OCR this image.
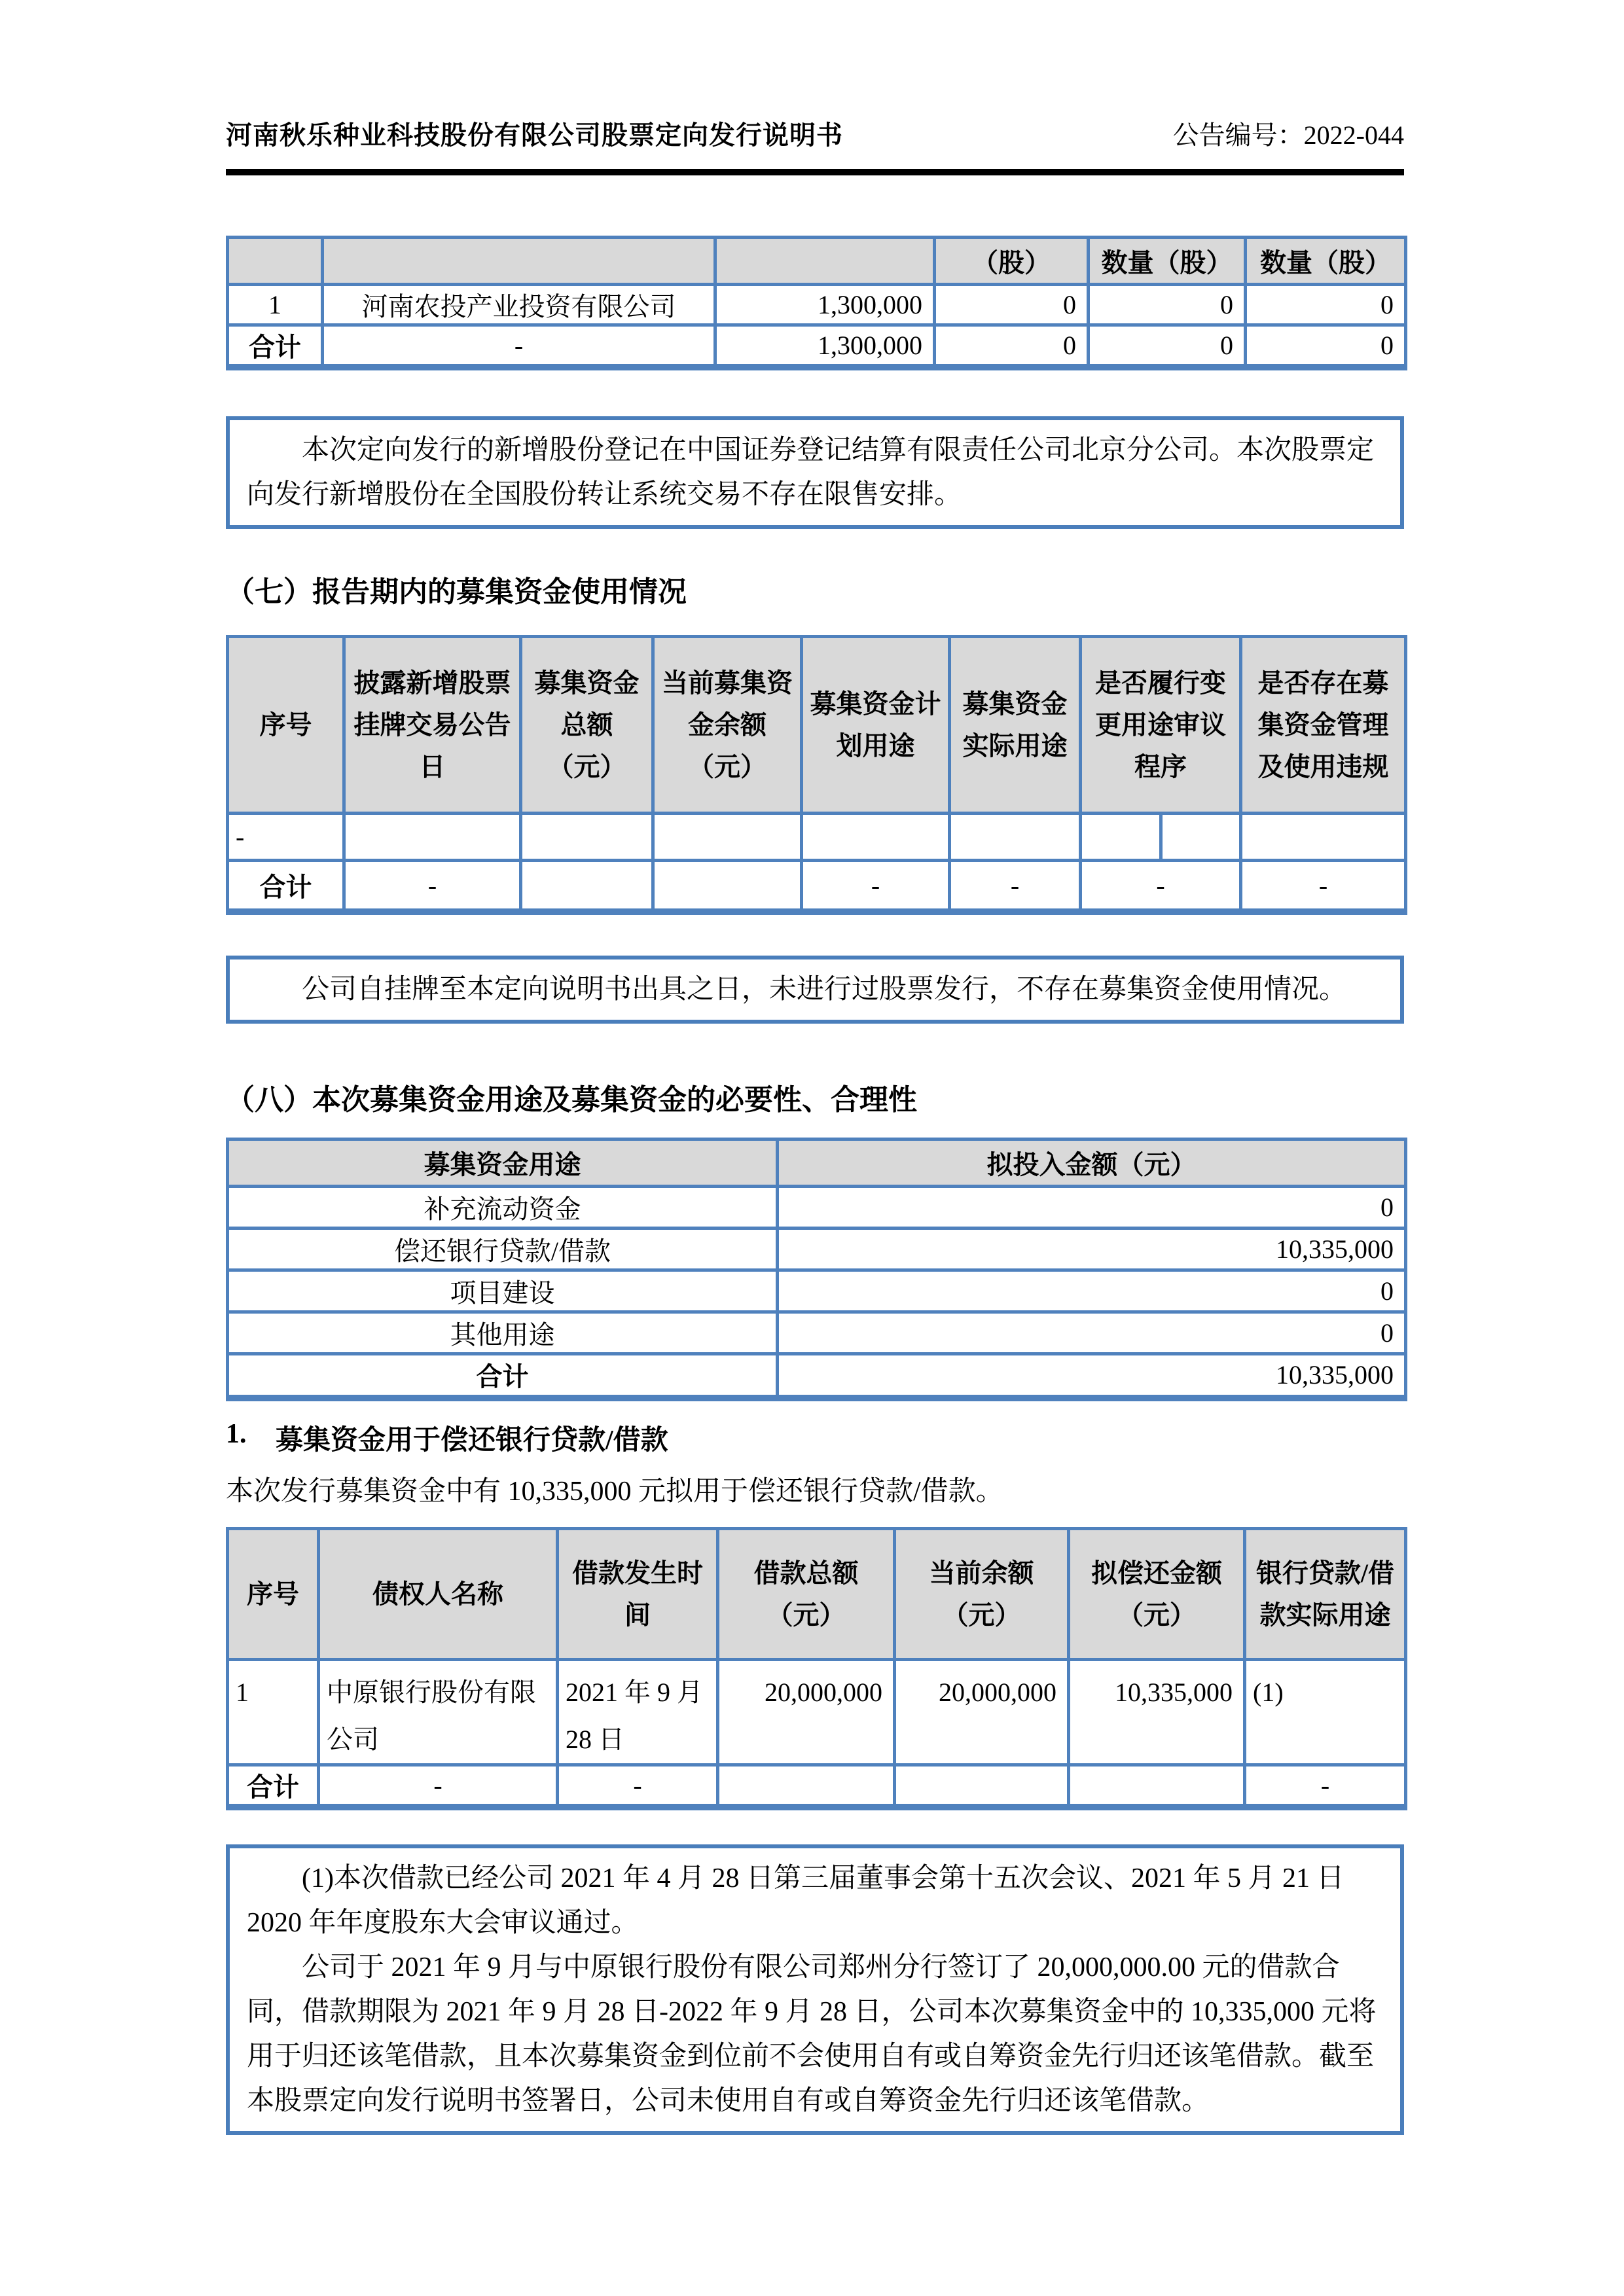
河南秋乐种业科技股份有限公司股票定向发行说明书	公告编号：2022-044
			（股）	数量（股）	数量（股）
1	河南农投产业投资有限公司	1,300,000	0	0	0
合计	-	1,300,000	0	0	0

本次定向发行的新增股份登记在中国证券登记结算有限责任公司北京分公司。本次股票定向发行新增股份在全国股份转让系统交易不存在限售安排。

（七）报告期内的募集资金使用情况
序号	披露新增股票挂牌交易公告日	募集资金总额（元）	当前募集资金余额（元）	募集资金计划用途	募集资金实际用途	是否履行变更用途审议程序		是否存在募集资金管理及使用违规
-								
合计	-			-	-	-		-

公司自挂牌至本定向说明书出具之日，未进行过股票发行，不存在募集资金使用情况。

（八）本次募集资金用途及募集资金的必要性、合理性
募集资金用途	拟投入金额（元）
补充流动资金	0
偿还银行贷款/借款	10,335,000
项目建设	0
其他用途	0
合计	10,335,000
1.	募集资金用于偿还银行贷款/借款
本次发行募集资金中有 10,335,000 元拟用于偿还银行贷款/借款。
序号	债权人名称	借款发生时间	借款总额（元）	当前余额（元）	拟偿还金额（元）	银行贷款/借款实际用途
1	中原银行股份有限公司	2021 年 9 月 28 日	20,000,000	20,000,000	10,335,000	(1)
合计	-	-				-

(1)本次借款已经公司 2021 年 4 月 28 日第三届董事会第十五次会议、2021 年 5 月 21 日 2020 年年度股东大会审议通过。

公司于 2021 年 9 月与中原银行股份有限公司郑州分行签订了 20,000,000.00 元的借款合同，借款期限为 2021 年 9 月 28 日-2022 年 9 月 28 日，公司本次募集资金中的 10,335,000 元将用于归还该笔借款，且本次募集资金到位前不会使用自有或自筹资金先行归还该笔借款。截至本股票定向发行说明书签署日，公司未使用自有或自筹资金先行归还该笔借款。
